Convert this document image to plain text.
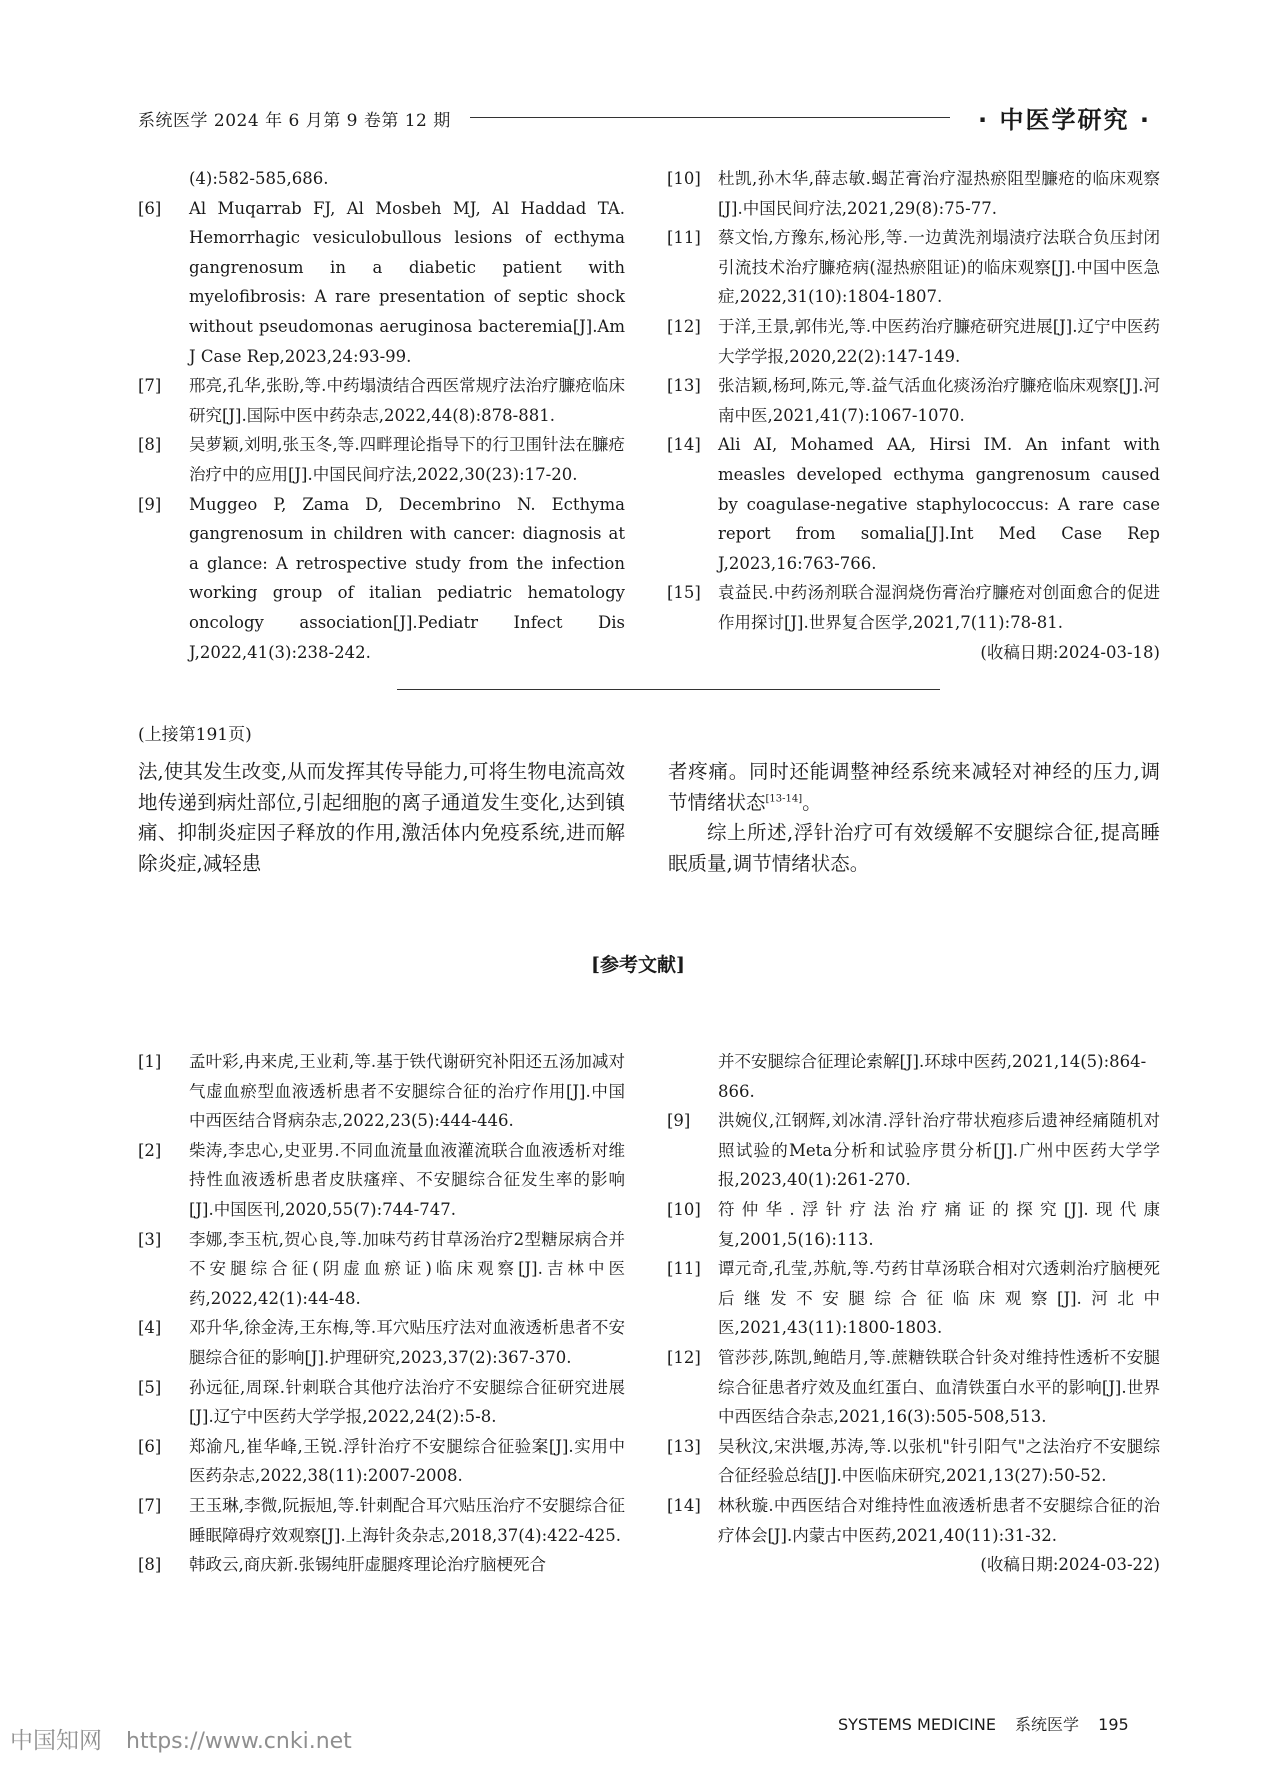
系统医学 2024 年 6 月第 9 卷第 12 期	· 中医学研究 ·
(4):582-585,686.
[6] Al Muqarrab FJ, Al Mosbeh MJ, Al Haddad TA. Hemorrhagic vesiculobullous lesions of ecthyma gangrenosum in a diabetic patient with myelofibrosis: A rare presentation of septic shock without pseudomonas aeruginosa bacteremia[J].Am J Case Rep,2023,24:93-99.
[7] 邢亮,孔华,张盼,等.中药塌渍结合西医常规疗法治疗臁疮临床研究[J].国际中医中药杂志,2022,44(8):878-881.
[8] 吴萝颖,刘明,张玉冬,等.四畔理论指导下的行卫围针法在臁疮治疗中的应用[J].中国民间疗法,2022,30(23):17-20.
[9] Muggeo P, Zama D, Decembrino N. Ecthyma gangrenosum in children with cancer: diagnosis at a glance: A retrospective study from the infection working group of italian pediatric hematology oncology association[J].Pediatr Infect Dis J,2022,41(3):238-242.
[10] 杜凯,孙木华,薛志敏.蝎芷膏治疗湿热瘀阻型臁疮的临床观察[J].中国民间疗法,2021,29(8):75-77.
[11] 蔡文怡,方豫东,杨沁彤,等.一边黄洗剂塌渍疗法联合负压封闭引流技术治疗臁疮病(湿热瘀阻证)的临床观察[J].中国中医急症,2022,31(10):1804-1807.
[12] 于洋,王景,郭伟光,等.中医药治疗臁疮研究进展[J].辽宁中医药大学学报,2020,22(2):147-149.
[13] 张洁颖,杨珂,陈元,等.益气活血化痰汤治疗臁疮临床观察[J].河南中医,2021,41(7):1067-1070.
[14] Ali AI, Mohamed AA, Hirsi IM. An infant with measles developed ecthyma gangrenosum caused by coagulase-negative staphylococcus: A rare case report from somalia[J].Int Med Case Rep J,2023,16:763-766.
[15] 袁益民.中药汤剂联合湿润烧伤膏治疗臁疮对创面愈合的促进作用探讨[J].世界复合医学,2021,7(11):78-81.
(收稿日期:2024-03-18)
(上接第191页)

法,使其发生改变,从而发挥其传导能力,可将生物电流高效地传递到病灶部位,引起细胞的离子通道发生变化,达到镇痛、抑制炎症因子释放的作用,激活体内免疫系统,进而解除炎症,减轻患

者疼痛。同时还能调整神经系统来减轻对神经的压力,调节情绪状态[13-14]。

综上所述,浮针治疗可有效缓解不安腿综合征,提高睡眠质量,调节情绪状态。

[参考文献]
[1] 孟叶彩,冉来虎,王业莉,等.基于铁代谢研究补阳还五汤加减对气虚血瘀型血液透析患者不安腿综合征的治疗作用[J].中国中西医结合肾病杂志,2022,23(5):444-446.
[2] 柴涛,李忠心,史亚男.不同血流量血液灌流联合血液透析对维持性血液透析患者皮肤瘙痒、不安腿综合征发生率的影响[J].中国医刊,2020,55(7):744-747.
[3] 李娜,李玉杭,贺心良,等.加味芍药甘草汤治疗2型糖尿病合并不安腿综合征(阴虚血瘀证)临床观察[J].吉林中医药,2022,42(1):44-48.
[4] 邓升华,徐金涛,王东梅,等.耳穴贴压疗法对血液透析患者不安腿综合征的影响[J].护理研究,2023,37(2):367-370.
[5] 孙远征,周琛.针刺联合其他疗法治疗不安腿综合征研究进展[J].辽宁中医药大学学报,2022,24(2):5-8.
[6] 郑渝凡,崔华峰,王锐.浮针治疗不安腿综合征验案[J].实用中医药杂志,2022,38(11):2007-2008.
[7] 王玉琳,李微,阮振旭,等.针刺配合耳穴贴压治疗不安腿综合征睡眠障碍疗效观察[J].上海针灸杂志,2018,37(4):422-425.
[8] 韩政云,商庆新.张锡纯肝虚腿疼理论治疗脑梗死合
并不安腿综合征理论索解[J].环球中医药,2021,14(5):864-866.
[9] 洪婉仪,江钢辉,刘冰清.浮针治疗带状疱疹后遗神经痛随机对照试验的Meta分析和试验序贯分析[J].广州中医药大学学报,2023,40(1):261-270.
[10] 符仲华.浮针疗法治疗痛证的探究[J].现代康复,2001,5(16):113.
[11] 谭元奇,孔莹,苏航,等.芍药甘草汤联合相对穴透刺治疗脑梗死后继发不安腿综合征临床观察[J].河北中医,2021,43(11):1800-1803.
[12] 管莎莎,陈凯,鲍皓月,等.蔗糖铁联合针灸对维持性透析不安腿综合征患者疗效及血红蛋白、血清铁蛋白水平的影响[J].世界中西医结合杂志,2021,16(3):505-508,513.
[13] 吴秋汶,宋洪堰,苏涛,等.以张机"针引阳气"之法治疗不安腿综合征经验总结[J].中医临床研究,2021,13(27):50-52.
[14] 林秋璇.中西医结合对维持性血液透析患者不安腿综合征的治疗体会[J].内蒙古中医药,2021,40(11):31-32.
(收稿日期:2024-03-22)
SYSTEMS MEDICINE 系统医学 195
中国知网 https://www.cnki.net
